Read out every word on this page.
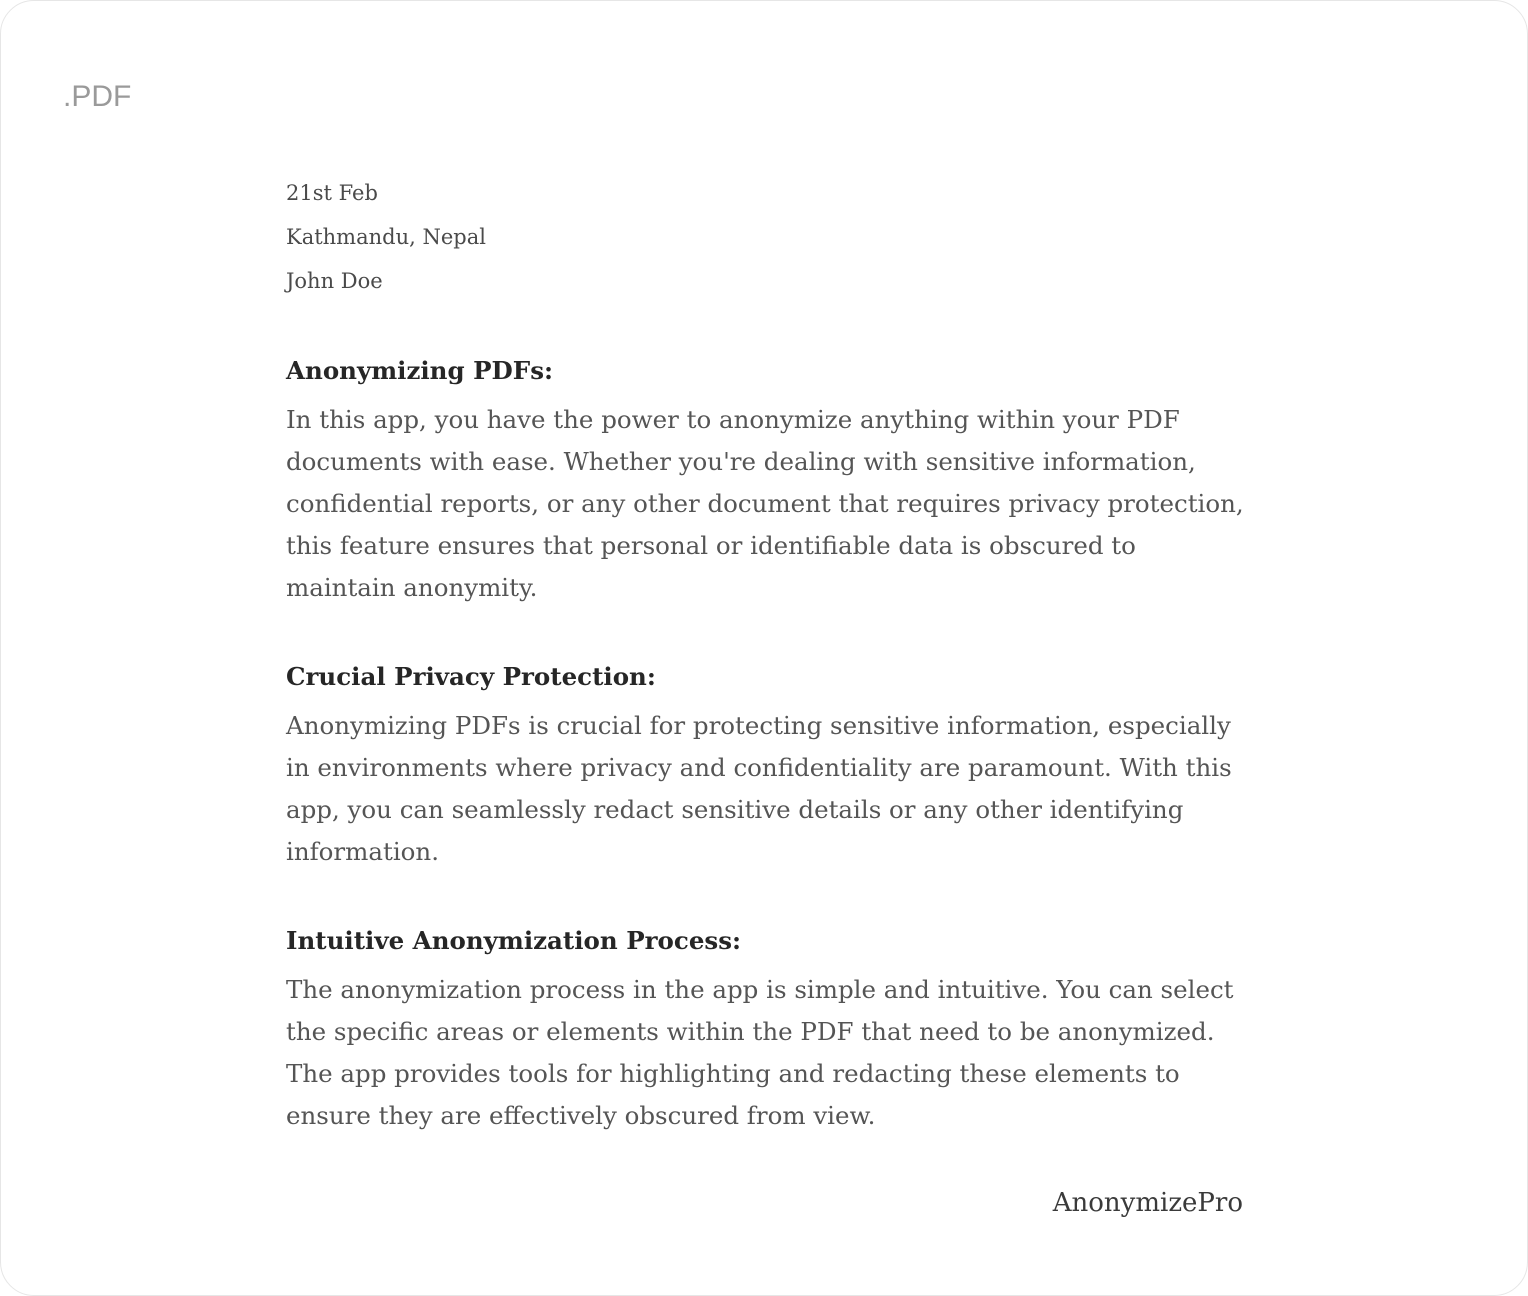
.PDF
21st Feb
Kathmandu, Nepal
John Doe
Anonymizing PDFs:

In this app, you have the power to anonymize anything within your PDF documents with ease. Whether you're dealing with sensitive information, confidential reports, or any other document that requires privacy protection, this feature ensures that personal or identifiable data is obscured to maintain anonymity.

Crucial Privacy Protection:

Anonymizing PDFs is crucial for protecting sensitive information, especially in environments where privacy and confidentiality are paramount. With this app, you can seamlessly redact sensitive details or any other identifying information.

Intuitive Anonymization Process:

The anonymization process in the app is simple and intuitive. You can select the specific areas or elements within the PDF that need to be anonymized. The app provides tools for highlighting and redacting these elements to ensure they are effectively obscured from view.

AnonymizePro
